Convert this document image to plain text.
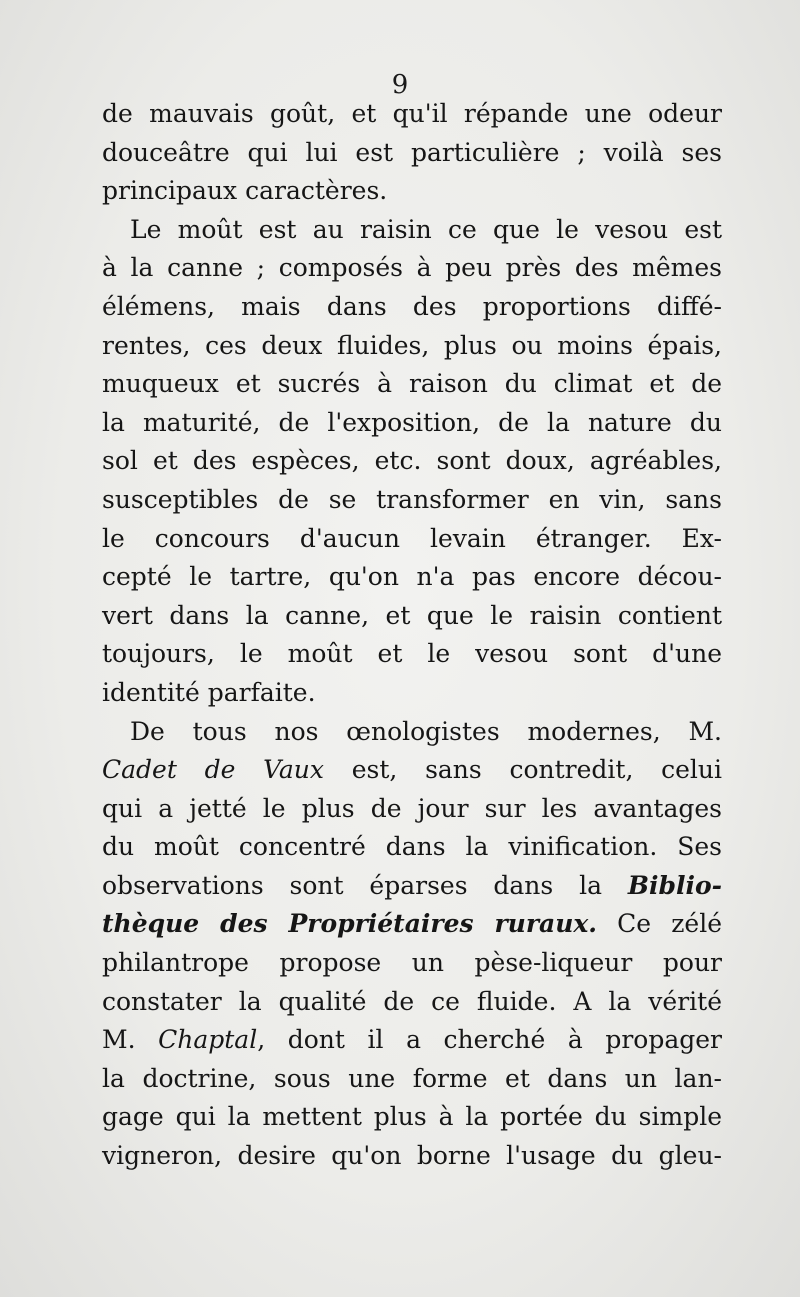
9
de mauvais goût, et qu'il répande une odeur
douceâtre qui lui est particulière ; voilà ses
principaux caractères.
Le moût est au raisin ce que le vesou est
à la canne ; composés à peu près des mêmes
élémens, mais dans des proportions diffé-
rentes, ces deux fluides, plus ou moins épais,
muqueux et sucrés à raison du climat et de
la maturité, de l'exposition, de la nature du
sol et des espèces, etc. sont doux, agréables,
susceptibles de se transformer en vin, sans
le concours d'aucun levain étranger. Ex-
cepté le tartre, qu'on n'a pas encore décou-
vert dans la canne, et que le raisin contient
toujours, le moût et le vesou sont d'une
identité parfaite.
De tous nos œnologistes modernes, M.
Cadet de Vaux est, sans contredit, celui
qui a jetté le plus de jour sur les avantages
du moût concentré dans la vinification. Ses
observations sont éparses dans la Biblio-
thèque des Propriétaires ruraux. Ce zélé
philantrope propose un pèse-liqueur pour
constater la qualité de ce fluide. A la vérité
M. Chaptal, dont il a cherché à propager
la doctrine, sous une forme et dans un lan-
gage qui la mettent plus à la portée du simple
vigneron, desire qu'on borne l'usage du gleu-
